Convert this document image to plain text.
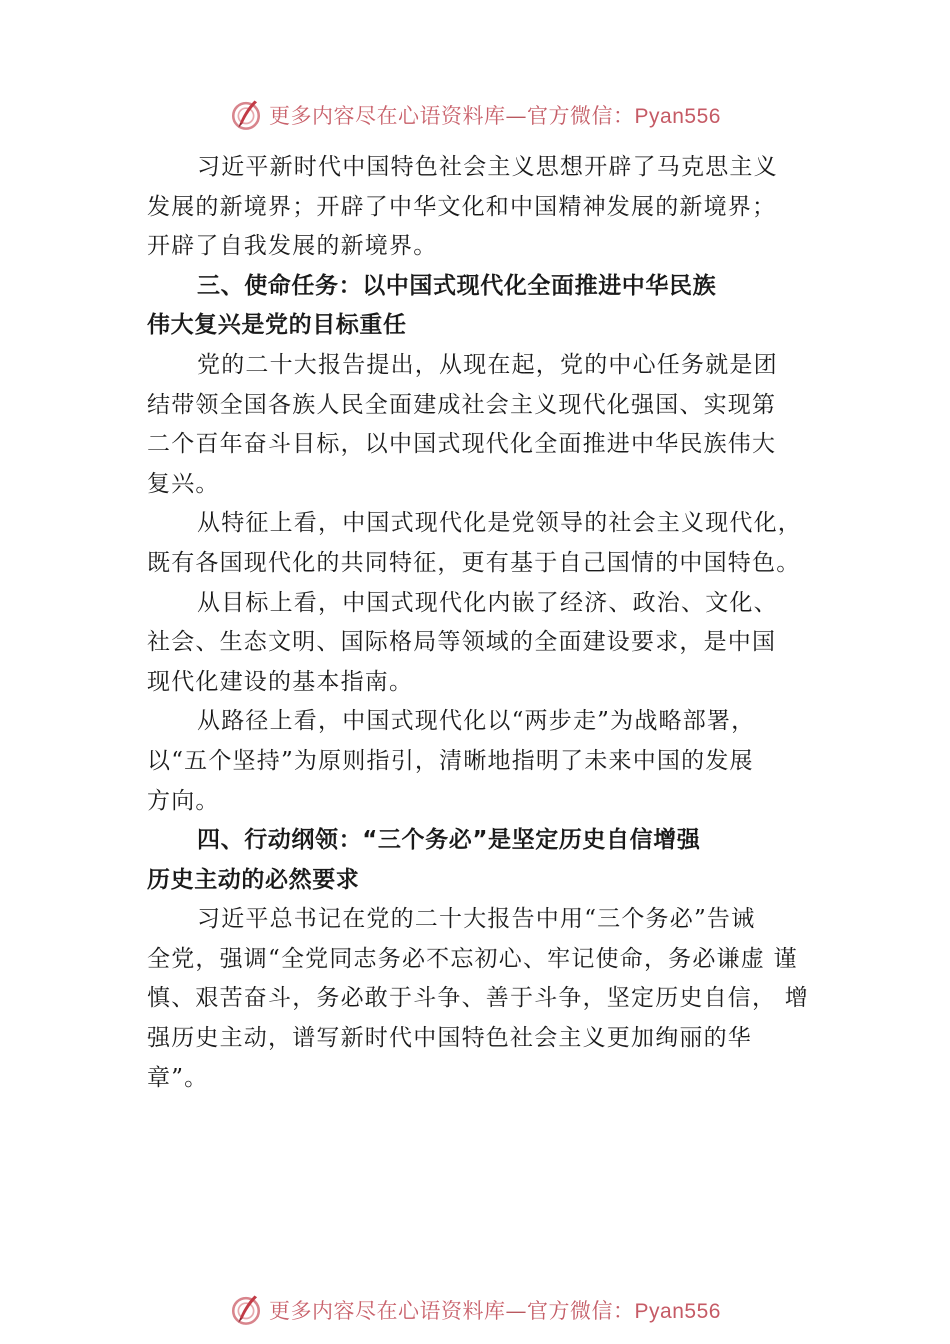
更多内容尽在心语资料库—官方微信：Pyan556
习近平新时代中国特色社会主义思想开辟了马克思主义
发展的新境界；开辟了中华文化和中国精神发展的新境界；
开辟了自我发展的新境界。
三、使命任务：以中国式现代化全面推进中华民族
伟大复兴是党的目标重任
党的二十大报告提出，从现在起，党的中心任务就是团
结带领全国各族人民全面建成社会主义现代化强国、实现第
二个百年奋斗目标，以中国式现代化全面推进中华民族伟大
复兴。
从特征上看，中国式现代化是党领导的社会主义现代化，
既有各国现代化的共同特征，更有基于自己国情的中国特色。
从目标上看，中国式现代化内嵌了经济、政治、文化、
社会、生态文明、国际格局等领域的全面建设要求，是中国
现代化建设的基本指南。
从路径上看，中国式现代化以“两步走”为战略部署，
以“五个坚持”为原则指引，清晰地指明了未来中国的发展
方向。
四、行动纲领：“三个务必”是坚定历史自信增强
历史主动的必然要求
习近平总书记在党的二十大报告中用“三个务必”告诫
全党，强调“全党同志务必不忘初心、牢记使命，务必谦虚 谨
慎、艰苦奋斗，务必敢于斗争、善于斗争，坚定历史自信， 增
强历史主动，谱写新时代中国特色社会主义更加绚丽的华
章”。
更多内容尽在心语资料库—官方微信：Pyan556
